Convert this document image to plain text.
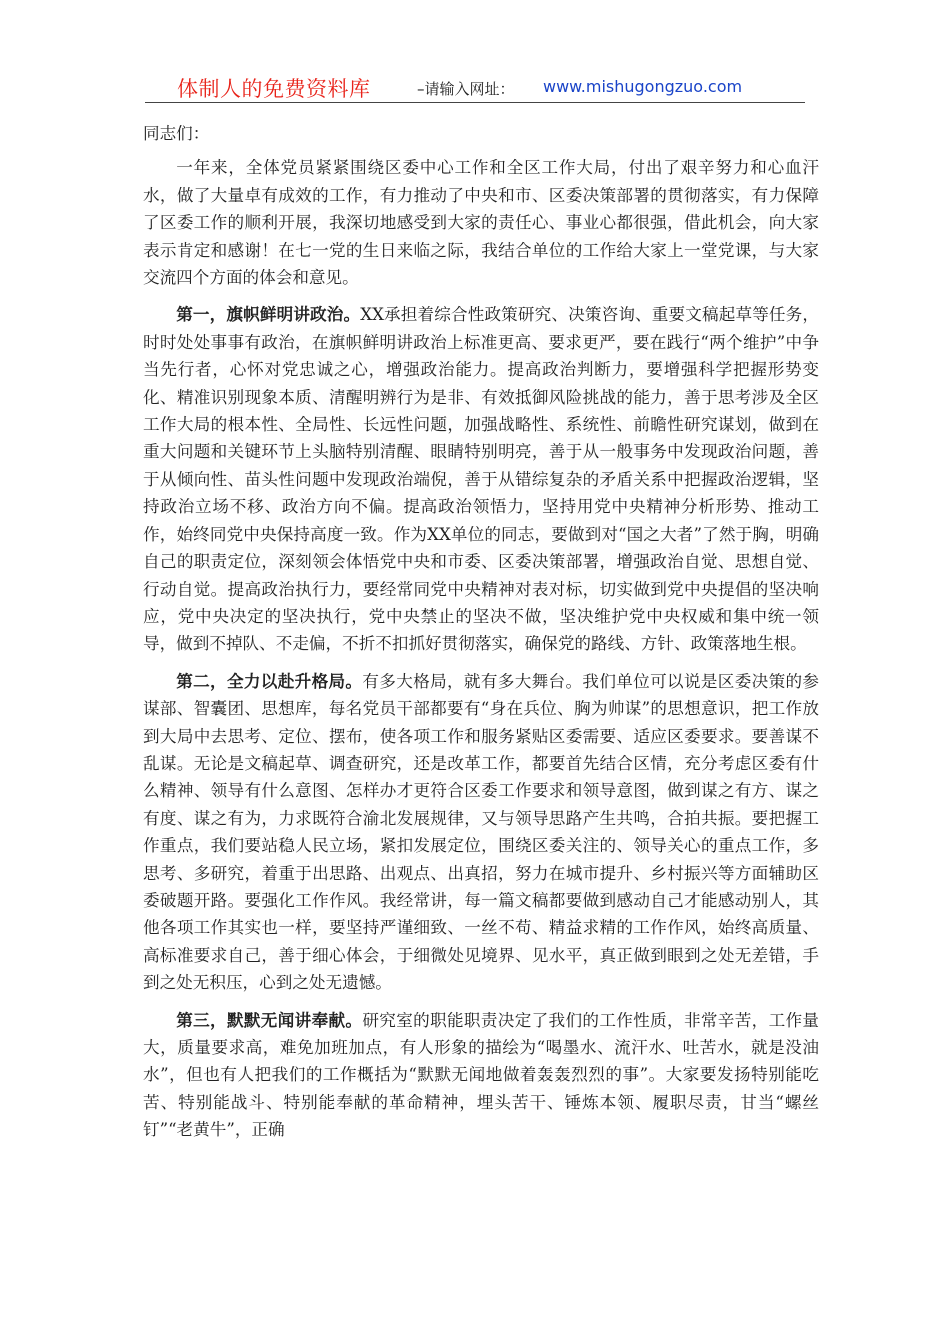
体制人的免费资料库	–请输入网址： www.mishugongzuo.com

同志们：

一年来，全体党员紧紧围绕区委中心工作和全区工作大局，付出了艰辛努力和心血汗水，做了大量卓有成效的工作，有力推动了中央和市、区委决策部署的贯彻落实，有力保障了区委工作的顺利开展，我深切地感受到大家的责任心、事业心都很强，借此机会，向大家表示肯定和感谢！在七一党的生日来临之际，我结合单位的工作给大家上一堂党课，与大家交流四个方面的体会和意见。

第一，旗帜鲜明讲政治。XX承担着综合性政策研究、决策咨询、重要文稿起草等任务，时时处处事事有政治，在旗帜鲜明讲政治上标准更高、要求更严，要在践行“两个维护”中争当先行者，心怀对党忠诚之心，增强政治能力。提高政治判断力，要增强科学把握形势变化、精准识别现象本质、清醒明辨行为是非、有效抵御风险挑战的能力，善于思考涉及全区工作大局的根本性、全局性、长远性问题，加强战略性、系统性、前瞻性研究谋划，做到在重大问题和关键环节上头脑特别清醒、眼睛特别明亮，善于从一般事务中发现政治问题，善于从倾向性、苗头性问题中发现政治端倪，善于从错综复杂的矛盾关系中把握政治逻辑，坚持政治立场不移、政治方向不偏。提高政治领悟力，坚持用党中央精神分析形势、推动工作，始终同党中央保持高度一致。作为XX单位的同志，要做到对“国之大者”了然于胸，明确自己的职责定位，深刻领会体悟党中央和市委、区委决策部署，增强政治自觉、思想自觉、行动自觉。提高政治执行力，要经常同党中央精神对表对标，切实做到党中央提倡的坚决响应，党中央决定的坚决执行，党中央禁止的坚决不做，坚决维护党中央权威和集中统一领导，做到不掉队、不走偏，不折不扣抓好贯彻落实，确保党的路线、方针、政策落地生根。

第二，全力以赴升格局。有多大格局，就有多大舞台。我们单位可以说是区委决策的参谋部、智囊团、思想库，每名党员干部都要有“身在兵位、胸为帅谋”的思想意识，把工作放到大局中去思考、定位、摆布，使各项工作和服务紧贴区委需要、适应区委要求。要善谋不乱谋。无论是文稿起草、调查研究，还是改革工作，都要首先结合区情，充分考虑区委有什么精神、领导有什么意图、怎样办才更符合区委工作要求和领导意图，做到谋之有方、谋之有度、谋之有为，力求既符合渝北发展规律，又与领导思路产生共鸣，合拍共振。要把握工作重点，我们要站稳人民立场，紧扣发展定位，围绕区委关注的、领导关心的重点工作，多思考、多研究，着重于出思路、出观点、出真招，努力在城市提升、乡村振兴等方面辅助区委破题开路。要强化工作作风。我经常讲，每一篇文稿都要做到感动自己才能感动别人，其他各项工作其实也一样，要坚持严谨细致、一丝不苟、精益求精的工作作风，始终高质量、高标准要求自己，善于细心体会，于细微处见境界、见水平，真正做到眼到之处无差错，手到之处无积压，心到之处无遗憾。

第三，默默无闻讲奉献。研究室的职能职责决定了我们的工作性质，非常辛苦，工作量大，质量要求高，难免加班加点，有人形象的描绘为“喝墨水、流汗水、吐苦水，就是没油水”，但也有人把我们的工作概括为“默默无闻地做着轰轰烈烈的事”。大家要发扬特别能吃苦、特别能战斗、特别能奉献的革命精神，埋头苦干、锤炼本领、履职尽责，甘当“螺丝钉”“老黄牛”，正确
